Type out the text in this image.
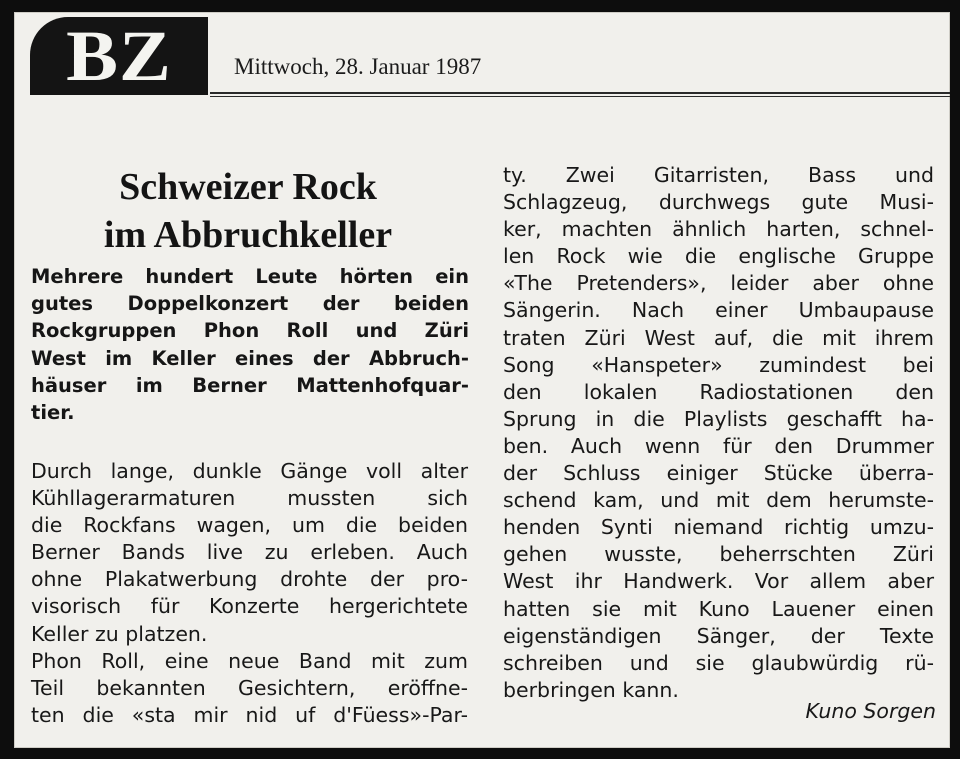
BZ	Mittwoch, 28. Januar 1987
Schweizer Rock
im Abbruchkeller
Mehrere hundert Leute hörten ein
gutes Doppelkonzert der beiden
Rockgruppen Phon Roll und Züri
West im Keller eines der Abbruch-
häuser im Berner Mattenhofquar-
tier.
Durch lange, dunkle Gänge voll alter
Kühllagerarmaturen mussten sich
die Rockfans wagen, um die beiden
Berner Bands live zu erleben. Auch
ohne Plakatwerbung drohte der pro-
visorisch für Konzerte hergerichtete
Keller zu platzen.
Phon Roll, eine neue Band mit zum
Teil bekannten Gesichtern, eröffne-
ten die «sta mir nid uf d'Füess»-Par-
ty. Zwei Gitarristen, Bass und
Schlagzeug, durchwegs gute Musi-
ker, machten ähnlich harten, schnel-
len Rock wie die englische Gruppe
«The Pretenders», leider aber ohne
Sängerin. Nach einer Umbaupause
traten Züri West auf, die mit ihrem
Song «Hanspeter» zumindest bei
den lokalen Radiostationen den
Sprung in die Playlists geschafft ha-
ben. Auch wenn für den Drummer
der Schluss einiger Stücke überra-
schend kam, und mit dem herumste-
henden Synti niemand richtig umzu-
gehen wusste, beherrschten Züri
West ihr Handwerk. Vor allem aber
hatten sie mit Kuno Lauener einen
eigenständigen Sänger, der Texte
schreiben und sie glaubwürdig rü-
berbringen kann.
Kuno Sorgen
